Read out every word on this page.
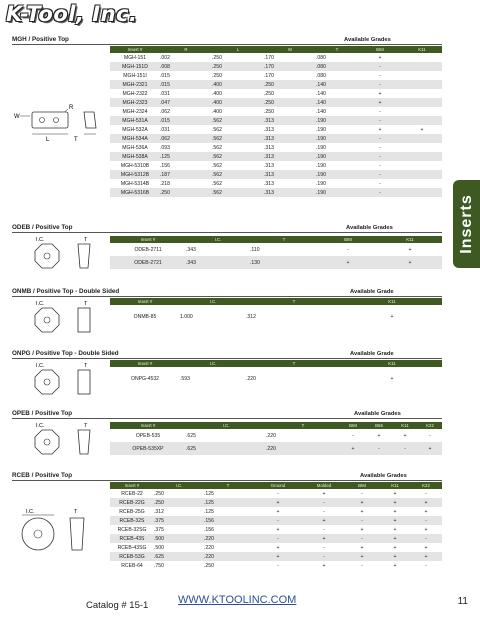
K-Tool, Inc.
Inserts
MGH / Positive Top	Available Grades
W
R
L	T
Insert #	R	L	W	T	BIM	K11
MGH-151	.002	.250	.170	.080	+	
MGH-151D	.008	.250	.170	.080	-	
MGH-151I	.015	.250	.170	.080	-	
MGH-2321	.015	.400	.250	.140	-	
MGH-2322	.031	.400	.250	.140	+	
MGH-2323	.047	.400	.250	.140	+	
MGH-2324	.062	.400	.250	.140	-	
MGH-531A	.015	.562	.313	.190	-	
MGH-532A	.031	.562	.313	.190	+	+
MGH-534A	.062	.562	.313	.190	-	
MGH-536A	.093	.562	.313	.190	-	
MGH-538A	.125	.562	.313	.190	-	
MGH-5310B	.156	.562	.313	.190	-	
MGH-5312B	.187	.562	.313	.190	-	
MGH-5314B	.218	.562	.313	.190	-	
MGH-5316B	.250	.562	.313	.190	-	
ODEB / Positive Top	Available Grades
I.C.	T	Insert #	I.C.	T	BIM	K11
ODEB-2711	.343	.110	-	+
ODEB-2721	.343	.130	+	+
ONMB / Positive Top - Double Sided	Available Grade
I.C.	T	Insert #	I.C.	T	K11
ONMB-85	1.000	.312	+
ONPG / Positive Top - Double Sided	Available Grade
I.C.	T	Insert #	I.C.	T	K11
ONPG-4532	.593	.220	+
OPEB / Positive Top	Available Grades
I.C.	T	Insert #	I.C.	T	BIM	B66	K11	K22
OPEB-535	.625	.220	-	+	+	-
OPEB-535XP	.625	.220	+	-	-	+
RCEB / Positive Top	Available Grades
I.C.	T
Insert #	I.C.	T	Ground	Molded	BIM	K11	K22
RCEB-22	.250	.125	-	+	-	+	-
RCEB-22G	.250	.125	+	-	+	+	+
RCEB-25G	.312	.125	+	-	+	+	+
RCEB-32S	.375	.156	-	+	-	+	-
RCEB-32SG	.375	.156	+	-	+	+	+
RCEB-43S	.500	.220	-	+	-	+	-
RCEB-43SG	.500	.220	+	-	+	+	+
RCEB-53G	.625	.220	+	-	+	+	+
RCEB-64	.750	.250	-	+	-	+	-
Catalog # 15-1	WWW.KTOOLINC.COM	11
